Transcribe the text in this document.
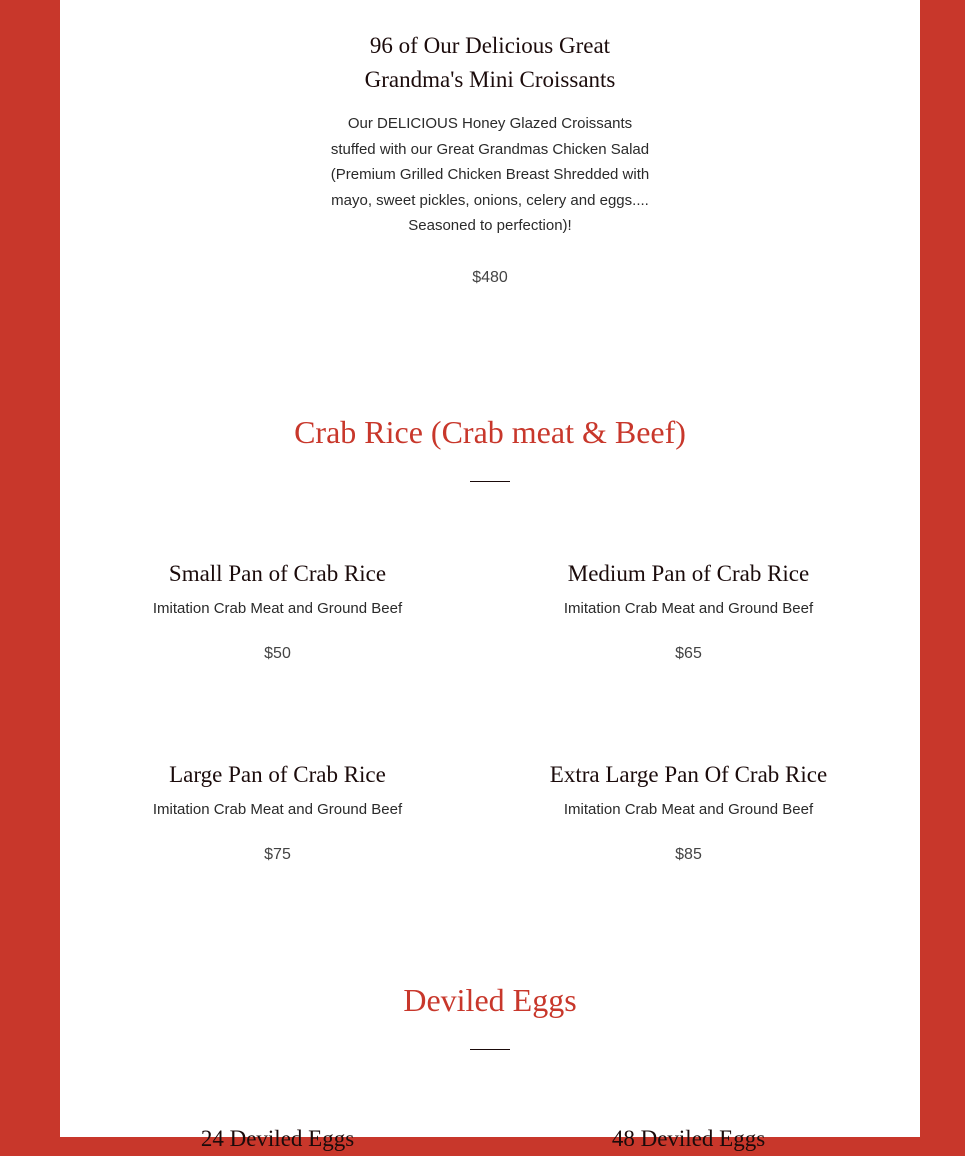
96 of Our Delicious Great Grandma's Mini Croissants

Our DELICIOUS Honey Glazed Croissants stuffed with our Great Grandmas Chicken Salad (Premium Grilled Chicken Breast Shredded with mayo, sweet pickles, onions, celery and eggs.... Seasoned to perfection)!

$480

Crab Rice (Crab meat & Beef)
Small Pan of Crab Rice

Imitation Crab Meat and Ground Beef

$50

Medium Pan of Crab Rice

Imitation Crab Meat and Ground Beef

$65

Large Pan of Crab Rice

Imitation Crab Meat and Ground Beef

$75

Extra Large Pan Of Crab Rice

Imitation Crab Meat and Ground Beef

$85

Deviled Eggs
24 Deviled Eggs	48 Deviled Eggs
